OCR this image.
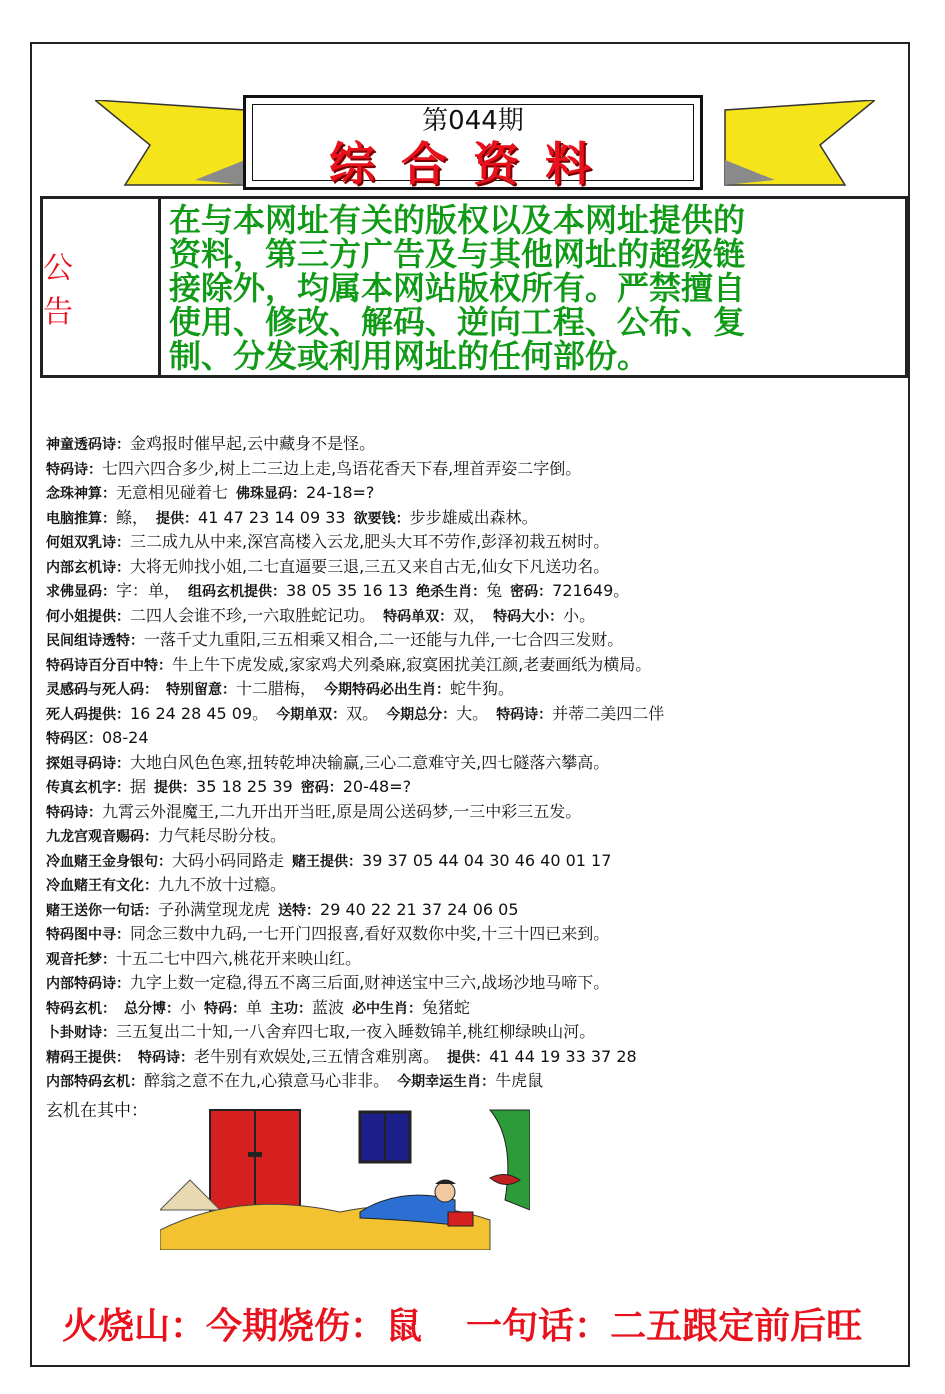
第044期
综合资料
公告
在与本网址有关的版权以及本网址提供的
资料，第三方广告及与其他网址的超级链
接除外，均属本网站版权所有。严禁擅自
使用、修改、解码、逆向工程、公布、复
制、分发或利用网址的任何部份。
神童透码诗：金鸡报时催早起,云中藏身不是怪。
特码诗：七四六四合多少,树上二三边上走,鸟语花香天下春,埋首弄姿二字倒。
念珠神算：无意相见碰着七 佛珠显码：24-18=?
电脑推算：鲦， 提供：41 47 23 14 09 33 欲要钱：步步雄威出森林。
何姐双乳诗：三二成九从中来,深宫高楼入云龙,肥头大耳不劳作,彭泽初栽五树时。
内部玄机诗：大将无帅找小姐,二七直逼要三退,三五又来自古无,仙女下凡送功名。
求佛显码：字：单， 组码玄机提供：38 05 35 16 13 绝杀生肖：兔 密码：721649。
何小姐提供：二四人会谁不珍,一六取胜蛇记功。 特码单双：双， 特码大小：小。
民间组诗透特：一落千丈九重阳,三五相乘又相合,二一还能与九伴,一七合四三发财。
特码诗百分百中特：牛上牛下虎发威,家家鸡犬列桑麻,寂寞困扰美江颜,老妻画纸为横局。
灵感码与死人码： 特别留意：十二腊梅， 今期特码必出生肖：蛇牛狗。
死人码提供：16 24 28 45 09。 今期单双：双。 今期总分：大。 特码诗：并蒂二美四二伴
特码区：08-24
探姐寻码诗：大地白风色色寒,扭转乾坤决输赢,三心二意难守关,四七隧落六攀高。
传真玄机字：据 提供：35 18 25 39 密码：20-48=?
特码诗：九霄云外混魔王,二九开出开当旺,原是周公送码梦,一三中彩三五发。
九龙宫观音赐码：力气耗尽盼分枝。
冷血赌王金身银句：大码小码同路走 赌王提供：39 37 05 44 04 30 46 40 01 17
冷血赌王有文化：九九不放十过瘾。
赌王送你一句话：子孙满堂现龙虎 送特：29 40 22 21 37 24 06 05
特码图中寻：同念三数中九码,一七开门四报喜,看好双数你中奖,十三十四已来到。
观音托梦：十五二七中四六,桃花开来映山红。
内部特码诗：九字上数一定稳,得五不离三后面,财神送宝中三六,战场沙地马啼下。
特码玄机： 总分博：小 特码：单 主功：蓝波 必中生肖：兔猪蛇
卜卦财诗：三五复出二十知,一八舍弃四七取,一夜入睡数锦羊,桃红柳绿映山河。
精码王提供： 特码诗：老牛别有欢娱处,三五情含难别离。 提供：41 44 19 33 37 28
内部特码玄机：醉翁之意不在九,心猿意马心非非。 今期幸运生肖：牛虎鼠
玄机在其中：
火烧山：今期烧伤：鼠 一句话：二五跟定前后旺
